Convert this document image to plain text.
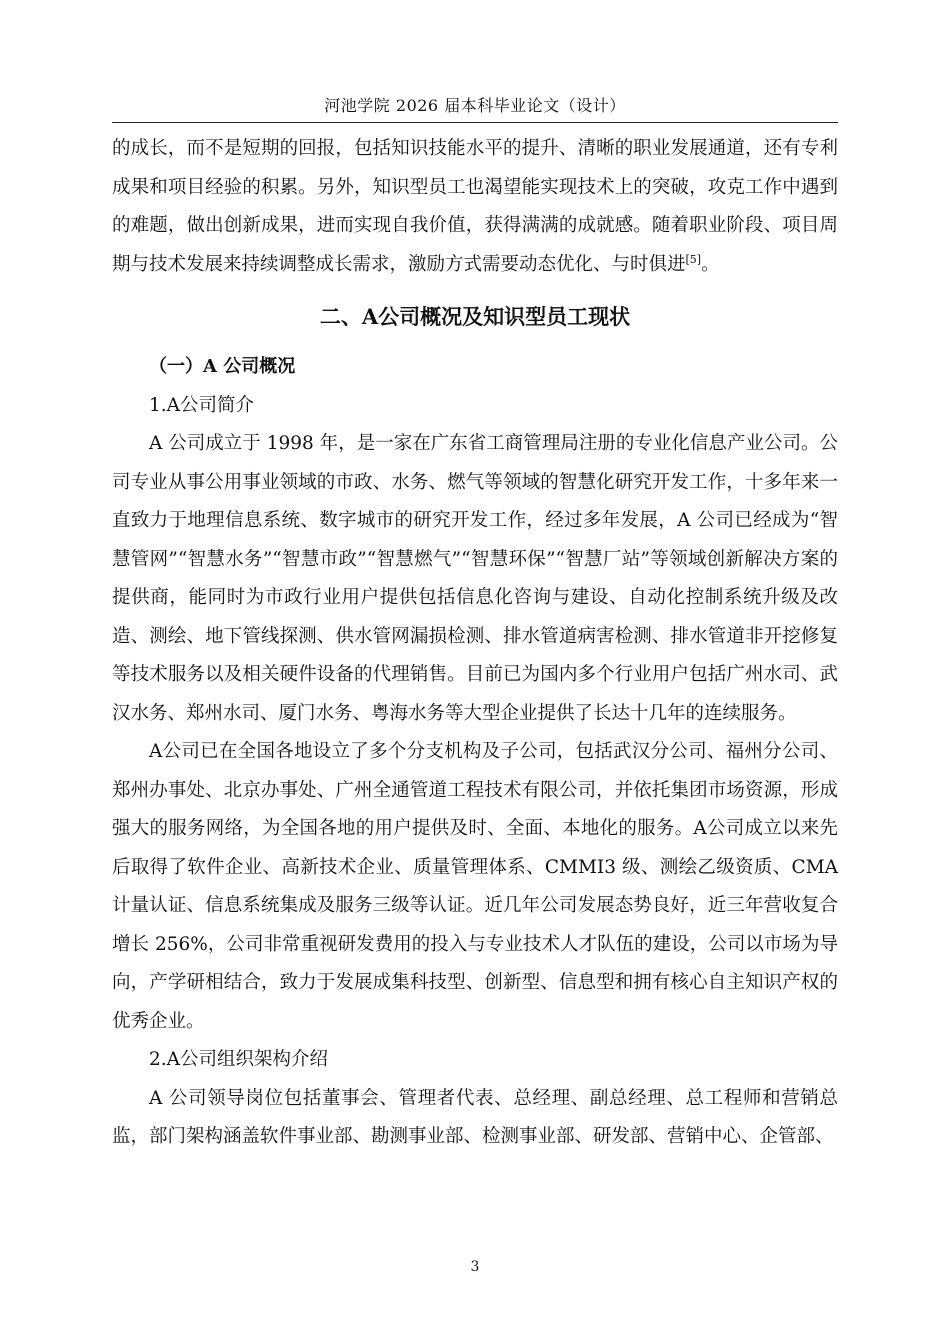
河池学院 2026 届本科毕业论文（设计）

的成长，而不是短期的回报，包括知识技能水平的提升、清晰的职业发展通道，还有专利成果和项目经验的积累。另外，知识型员工也渴望能实现技术上的突破，攻克工作中遇到的难题，做出创新成果，进而实现自我价值，获得满满的成就感。随着职业阶段、项目周期与技术发展来持续调整成长需求，激励方式需要动态优化、与时俱进[5]。

二、A公司概况及知识型员工现状
（一）A 公司概况
1.A公司简介

A 公司成立于 1998 年，是一家在广东省工商管理局注册的专业化信息产业公司。公司专业从事公用事业领域的市政、水务、燃气等领域的智慧化研究开发工作，十多年来一直致力于地理信息系统、数字城市的研究开发工作，经过多年发展，A 公司已经成为“智慧管网”“智慧水务”“智慧市政”“智慧燃气”“智慧环保”“智慧厂站”等领域创新解决方案的提供商，能同时为市政行业用户提供包括信息化咨询与建设、自动化控制系统升级及改造、测绘、地下管线探测、供水管网漏损检测、排水管道病害检测、排水管道非开挖修复等技术服务以及相关硬件设备的代理销售。目前已为国内多个行业用户包括广州水司、武汉水务、郑州水司、厦门水务、粤海水务等大型企业提供了长达十几年的连续服务。

A公司已在全国各地设立了多个分支机构及子公司，包括武汉分公司、福州分公司、郑州办事处、北京办事处、广州全通管道工程技术有限公司，并依托集团市场资源，形成强大的服务网络，为全国各地的用户提供及时、全面、本地化的服务。A公司成立以来先后取得了软件企业、高新技术企业、质量管理体系、CMMI3 级、测绘乙级资质、CMA计量认证、信息系统集成及服务三级等认证。近几年公司发展态势良好，近三年营收复合增长 256%，公司非常重视研发费用的投入与专业技术人才队伍的建设，公司以市场为导向，产学研相结合，致力于发展成集科技型、创新型、信息型和拥有核心自主知识产权的优秀企业。

2.A公司组织架构介绍

A 公司领导岗位包括董事会、管理者代表、总经理、副总经理、总工程师和营销总监，部门架构涵盖软件事业部、勘测事业部、检测事业部、研发部、营销中心、企管部、

3
